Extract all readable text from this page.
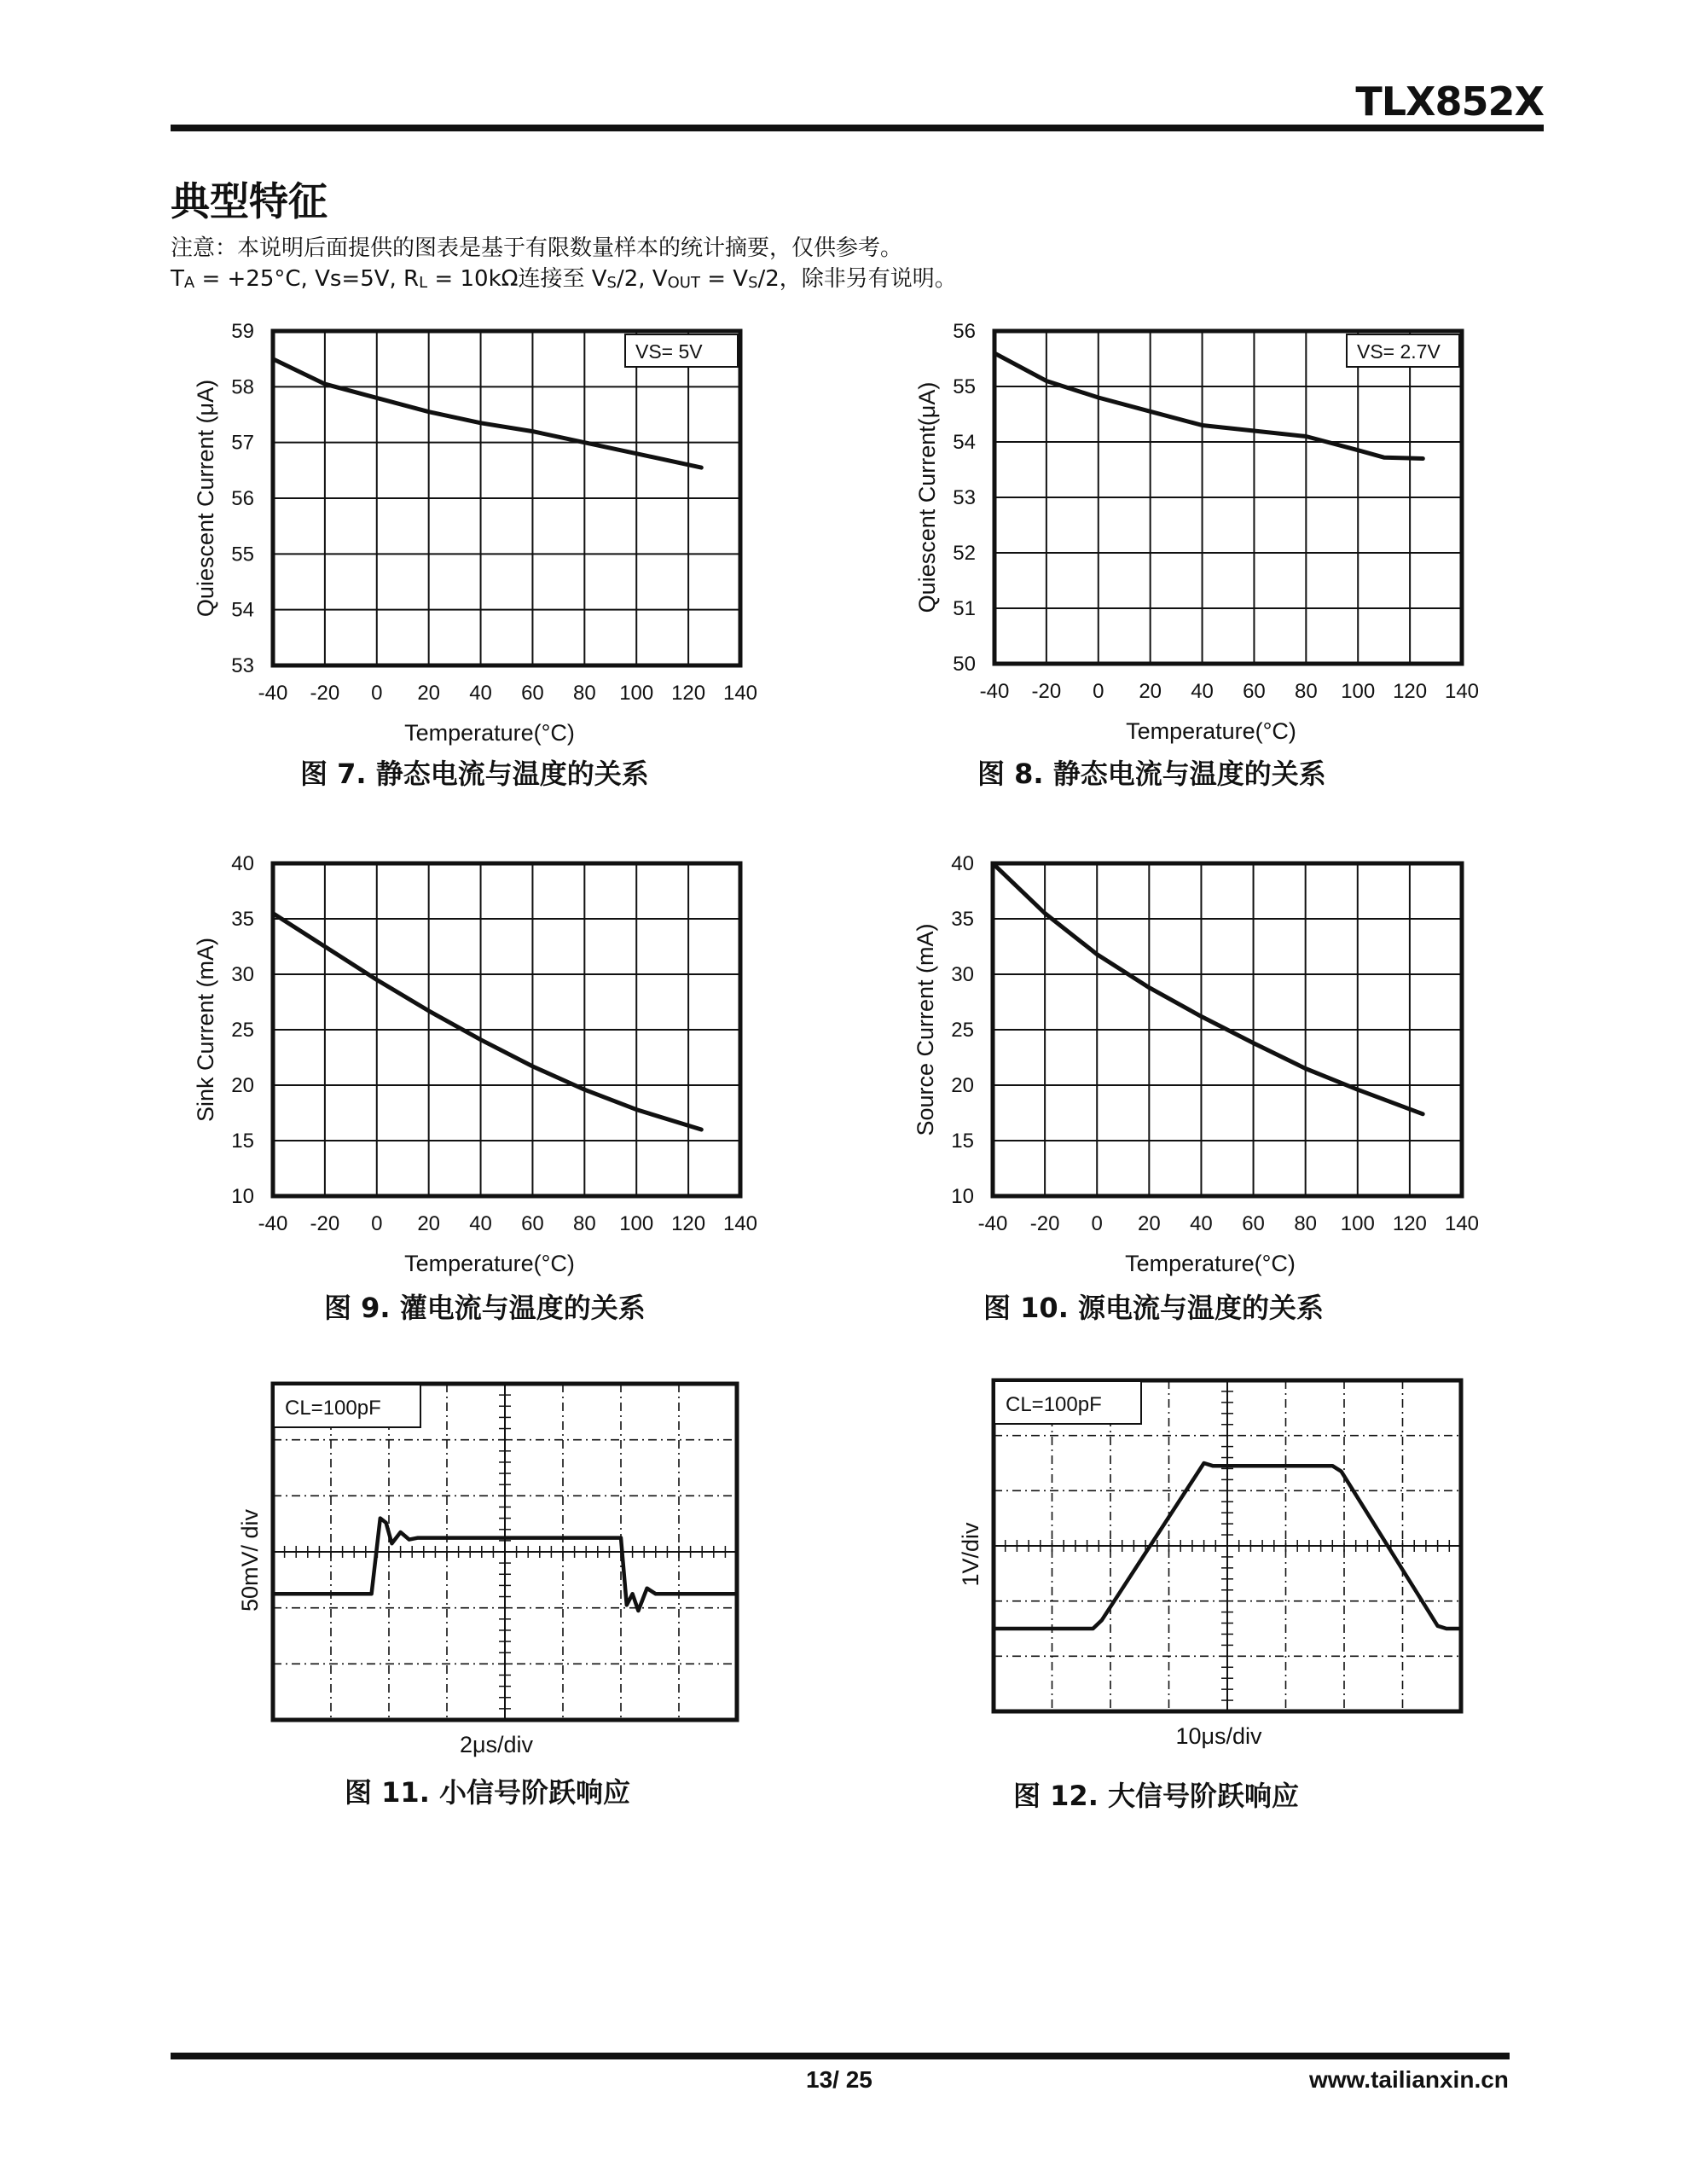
TLX852X
典型特征
注意：本说明后面提供的图表是基于有限数量样本的统计摘要，仅供参考。
$T_A = +25^\circ C$, Vs=5V, $R_L = 10k\Omega$连接至 $V_S/2$, $V_{OUT} = V_S/2$，除非另有说明。
-40 -20 0 20 40 60 80 100 120 140
53
54
55
56
57
58
59
Temperature(°C)
Quiescent Current (μA)
VS= 5V
-40 -20 0 20 40 60 80 100 120 140
50
51
52
53
54
55
56
Temperature(°C)
Quiescent Current(μA)
VS= 2.7V
-40 -20 0 20 40 60 80 100 120 140
10
15
20
25
30
35
40
Temperature(°C)
Sink Current (mA)
-40 -20 0 20 40 60 80 100 120 140
10
15
20
25
30
35
40
Temperature(°C)
Source Current (mA)
CL=100pF
2μs/div
50mV/ div
CL=100pF
10μs/div
1V/div
图 7. 静态电流与温度的关系	图 8. 静态电流与温度的关系
图 9. 灌电流与温度的关系	图 10. 源电流与温度的关系
图 11. 小信号阶跃响应	图 12. 大信号阶跃响应
13/ 25	www.tailianxin.cn
